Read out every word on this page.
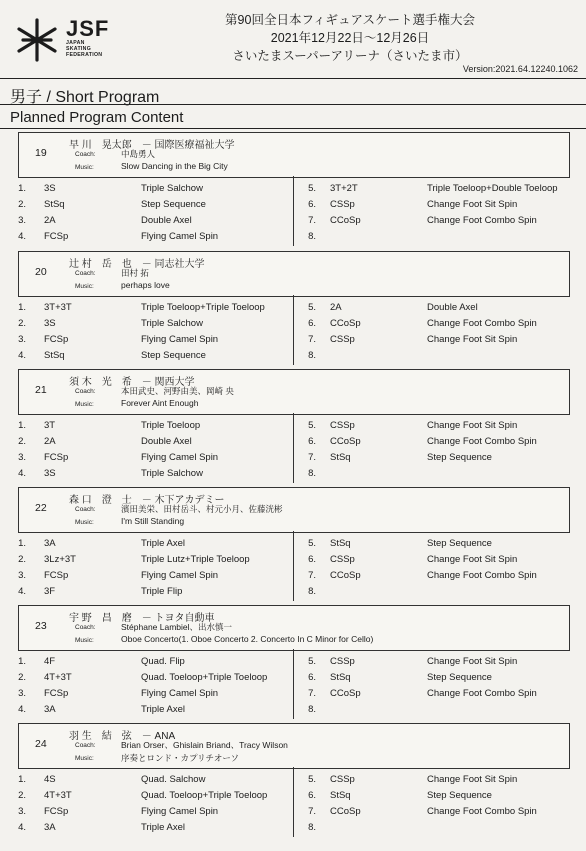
JSF
JAPAN
SKATING
FEDERATION
第90回全日本フィギュアスケート選手権大会
2021年12月22日～12月26日
さいたまスーパーアリーナ（さいたま市）
Version:2021.64.12240.1062
男子 / Short Program
Planned Program Content
19
早 川　晃太郎　－ 国際医療福祉大学
Coach:	中島勇人
Music:	Slow Dancing in the Big City
1. 3S	Triple Salchow
2. StSq	Step Sequence
3. 2A	Double Axel
4. FCSp	Flying Camel Spin
5. 3T+2T	Triple Toeloop+Double Toeloop
6. CSSp	Change Foot Sit Spin
7. CCoSp	Change Foot Combo Spin
8.
20
辻 村　岳　也　－ 同志社大学
Coach:	田村 拓
Music:	perhaps love
1. 3T+3T	Triple Toeloop+Triple Toeloop
2. 3S	Triple Salchow
3. FCSp	Flying Camel Spin
4. StSq	Step Sequence
5. 2A	Double Axel
6. CCoSp	Change Foot Combo Spin
7. CSSp	Change Foot Sit Spin
8.
21
須 木　光　希　－ 関西大学
Coach:	本田武史、河野由美、岡崎 央
Music:	Forever Aint Enough
1. 3T	Triple Toeloop
2. 2A	Double Axel
3. FCSp	Flying Camel Spin
4. 3S	Triple Salchow
5. CSSp	Change Foot Sit Spin
6. CCoSp	Change Foot Combo Spin
7. StSq	Step Sequence
8.
22
森 口　澄　士　－ 木下アカデミー
Coach:	濱田美栄、田村岳斗、村元小月、佐藤洸彬
Music:	I'm Still Standing
1. 3A	Triple Axel
2. 3Lz+3T	Triple Lutz+Triple Toeloop
3. FCSp	Flying Camel Spin
4. 3F	Triple Flip
5. StSq	Step Sequence
6. CSSp	Change Foot Sit Spin
7. CCoSp	Change Foot Combo Spin
8.
23
宇 野　昌　磨　－ トヨタ自動車
Coach:	Stéphane Lambiel、出水慎一
Music:	Oboe Concerto(1. Oboe Concerto 2. Concerto In C Minor for Cello)
1. 4F	Quad. Flip
2. 4T+3T	Quad. Toeloop+Triple Toeloop
3. FCSp	Flying Camel Spin
4. 3A	Triple Axel
5. CSSp	Change Foot Sit Spin
6. StSq	Step Sequence
7. CCoSp	Change Foot Combo Spin
8.
24
羽 生　結　弦　－ ANA
Coach:	Brian Orser、Ghislain Briand、Tracy Wilson
Music:	序奏とロンド・カプリチオーソ
1. 4S	Quad. Salchow
2. 4T+3T	Quad. Toeloop+Triple Toeloop
3. FCSp	Flying Camel Spin
4. 3A	Triple Axel
5. CSSp	Change Foot Sit Spin
6. StSq	Step Sequence
7. CCoSp	Change Foot Combo Spin
8.
